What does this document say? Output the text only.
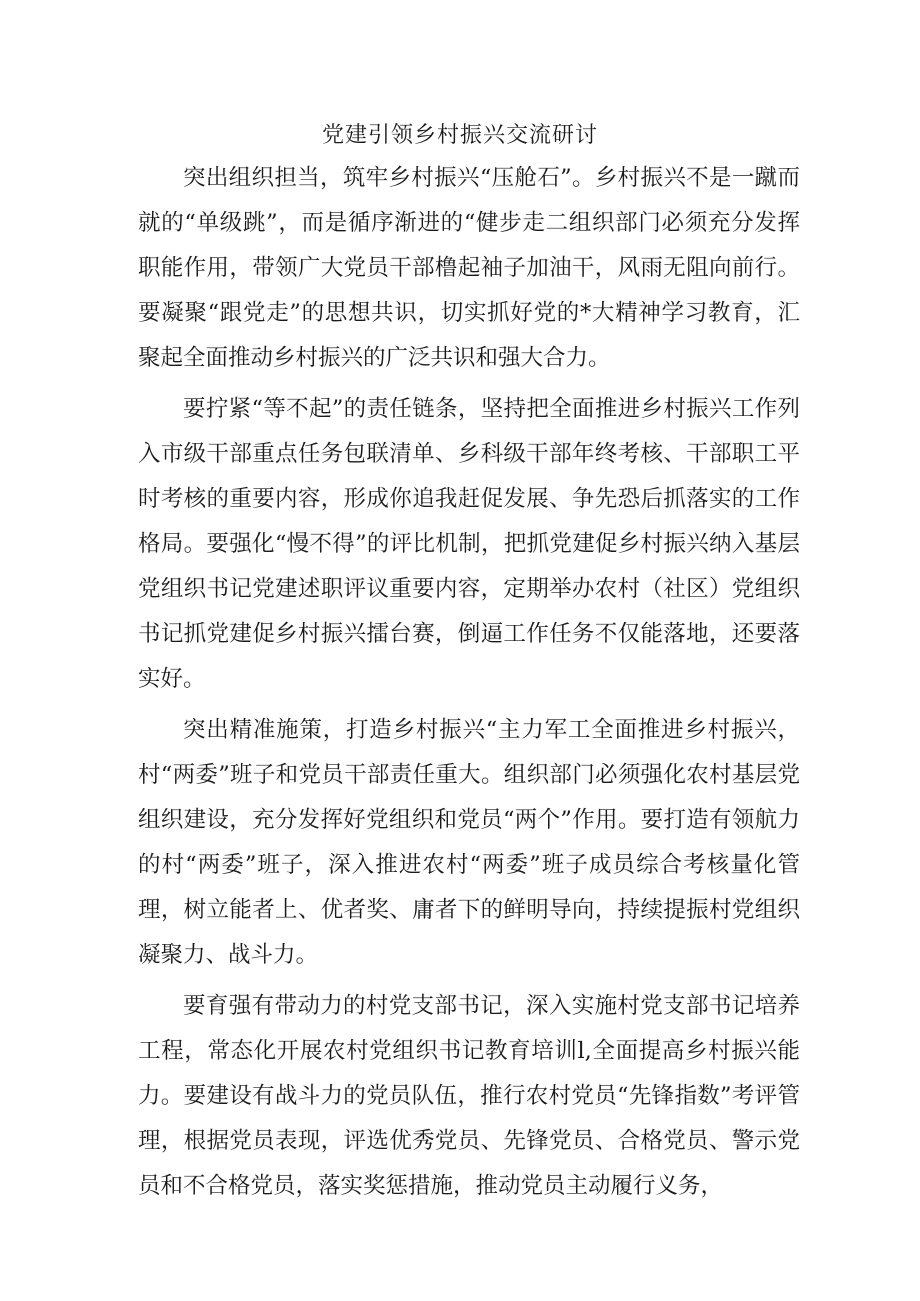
党建引领乡村振兴交流研讨

突出组织担当，筑牢乡村振兴“压舱石”。乡村振兴不是一蹴而就的“单级跳”，而是循序渐进的“健步走二组织部门必须充分发挥职能作用，带领广大党员干部橹起袖子加油干，风雨无阻向前行。要凝聚“跟党走”的思想共识，切实抓好党的*大精神学习教育，汇聚起全面推动乡村振兴的广泛共识和强大合力。

要拧紧“等不起”的责任链条，坚持把全面推进乡村振兴工作列入市级干部重点任务包联清单、乡科级干部年终考核、干部职工平时考核的重要内容，形成你追我赶促发展、争先恐后抓落实的工作格局。要强化“慢不得”的评比机制，把抓党建促乡村振兴纳入基层党组织书记党建述职评议重要内容，定期举办农村（社区）党组织书记抓党建促乡村振兴擂台赛，倒逼工作任务不仅能落地，还要落实好。

突出精准施策，打造乡村振兴“主力军工全面推进乡村振兴，村“两委”班子和党员干部责任重大。组织部门必须强化农村基层党组织建设，充分发挥好党组织和党员“两个”作用。要打造有领航力的村“两委”班子，深入推进农村“两委”班子成员综合考核量化管理，树立能者上、优者奖、庸者下的鲜明导向，持续提振村党组织凝聚力、战斗力。

要育强有带动力的村党支部书记，深入实施村党支部书记培养工程，常态化开展农村党组织书记教育培训l,全面提高乡村振兴能力。要建设有战斗力的党员队伍，推行农村党员“先锋指数”考评管理，根据党员表现，评选优秀党员、先锋党员、合格党员、警示党员和不合格党员，落实奖惩措施，推动党员主动履行义务，
